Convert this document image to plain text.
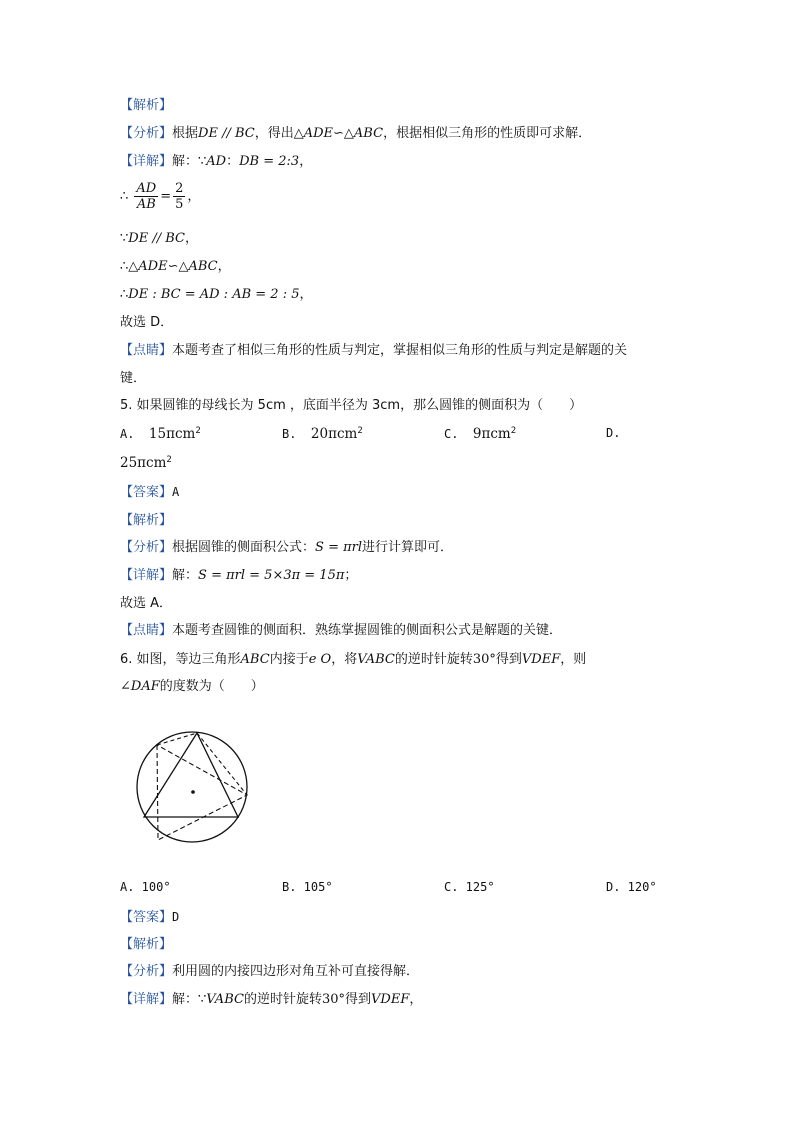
【解析】
【分析】根据DE // BC，得出△ADE∽△ABC，根据相似三角形的性质即可求解．
【详解】解：∵AD：DB = 2:3，
∴ $\frac{AD}{AB} = \frac{2}{5}$ ，
∵DE // BC，
∴△ADE∽△ABC，
∴DE : BC = AD : AB = 2 : 5，
故选 D．
【点睛】本题考查了相似三角形的性质与判定，掌握相似三角形的性质与判定是解题的关
键．
5. 如果圆锥的母线长为 5cm ，底面半径为 3cm，那么圆锥的侧面积为（　　）
A. 15πcm$^2$	B. 20πcm$^2$	C. 9πcm$^2$	D.
25πcm$^2$
【答案】A
【解析】
【分析】根据圆锥的侧面积公式：S = πrl进行计算即可．
【详解】解：S = πrl = 5×3π = 15π；
故选 A．
【点睛】本题考查圆锥的侧面积．熟练掌握圆锥的侧面积公式是解题的关键．
6. 如图，等边三角形ABC内接于e O，将VABC的逆时针旋转30°得到VDEF，则
∠DAF的度数为（　　）
A. 100°	B. 105°	C. 125°	D. 120°
【答案】D
【解析】
【分析】利用圆的内接四边形对角互补可直接得解．
【详解】解：∵VABC的逆时针旋转30°得到VDEF，
